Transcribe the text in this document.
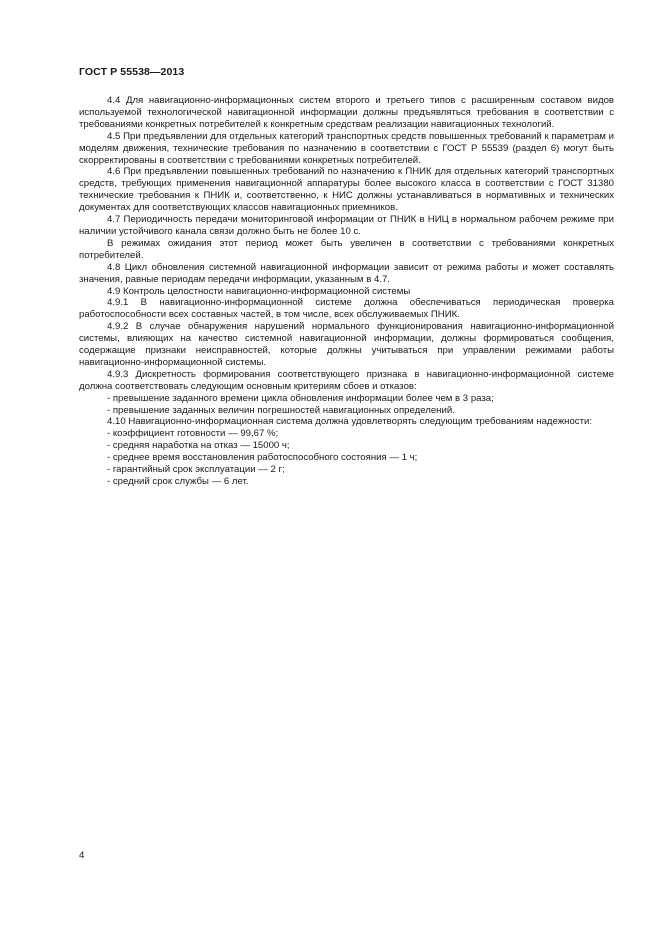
ГОСТ Р 55538—2013

4.4 Для навигационно-информационных систем второго и третьего типов с расширенным составом видов используемой технологической навигационной информации должны предъявляться требования в соответствии с требованиями конкретных потребителей к конкретным средствам реализации навигационных технологий.

4.5 При предъявлении для отдельных категорий транспортных средств повышенных требований к параметрам и моделям движения, технические требования по назначению в соответствии с ГОСТ Р 55539 (раздел 6) могут быть скорректированы в соответствии с требованиями конкретных потребителей.

4.6 При предъявлении повышенных требований по назначению к ПНИК для отдельных категорий транспортных средств, требующих применения навигационной аппаратуры более высокого класса в соответствии с ГОСТ 31380 технические требования к ПНИК и, соответственно, к НИС должны устанавливаться в нормативных и технических документах для соответствующих классов навигационных приемников.

4.7 Периодичность передачи мониторинговой информации от ПНИК в НИЦ в нормальном рабочем режиме при наличии устойчивого канала связи должно быть не более 10 с.

В режимах ожидания этот период может быть увеличен в соответствии с требованиями конкретных потребителей.

4.8 Цикл обновления системной навигационной информации зависит от режима работы и может составлять значения, равные периодам передачи информации, указанным в 4.7.

4.9 Контроль целостности навигационно-информационной системы

4.9.1 В навигационно-информационной системе должна обеспечиваться периодическая проверка работоспособности всех составных частей, в том числе, всех обслуживаемых ПНИК.

4.9.2 В случае обнаружения нарушений нормального функционирования навигационно-информационной системы, влияющих на качество системной навигационной информации, должны формироваться сообщения, содержащие признаки неисправностей, которые должны учитываться при управлении режимами работы навигационно-информационной системы.

4.9.3 Дискретность формирования соответствующего признака в навигационно-информационной системе должна соответствовать следующим основным критериям сбоев и отказов:

- превышение заданного времени цикла обновления информации более чем в 3 раза;

- превышение заданных величин погрешностей навигационных определений.

4.10 Навигационно-информационная система должна удовлетворять следующим требованиям надежности:

- коэффициент готовности — 99,67 %;

- средняя наработка на отказ — 15000 ч;

- среднее время восстановления работоспособного состояния — 1 ч;

- гарантийный срок эксплуатации — 2 г;

- средний срок службы — 6 лет.

4
